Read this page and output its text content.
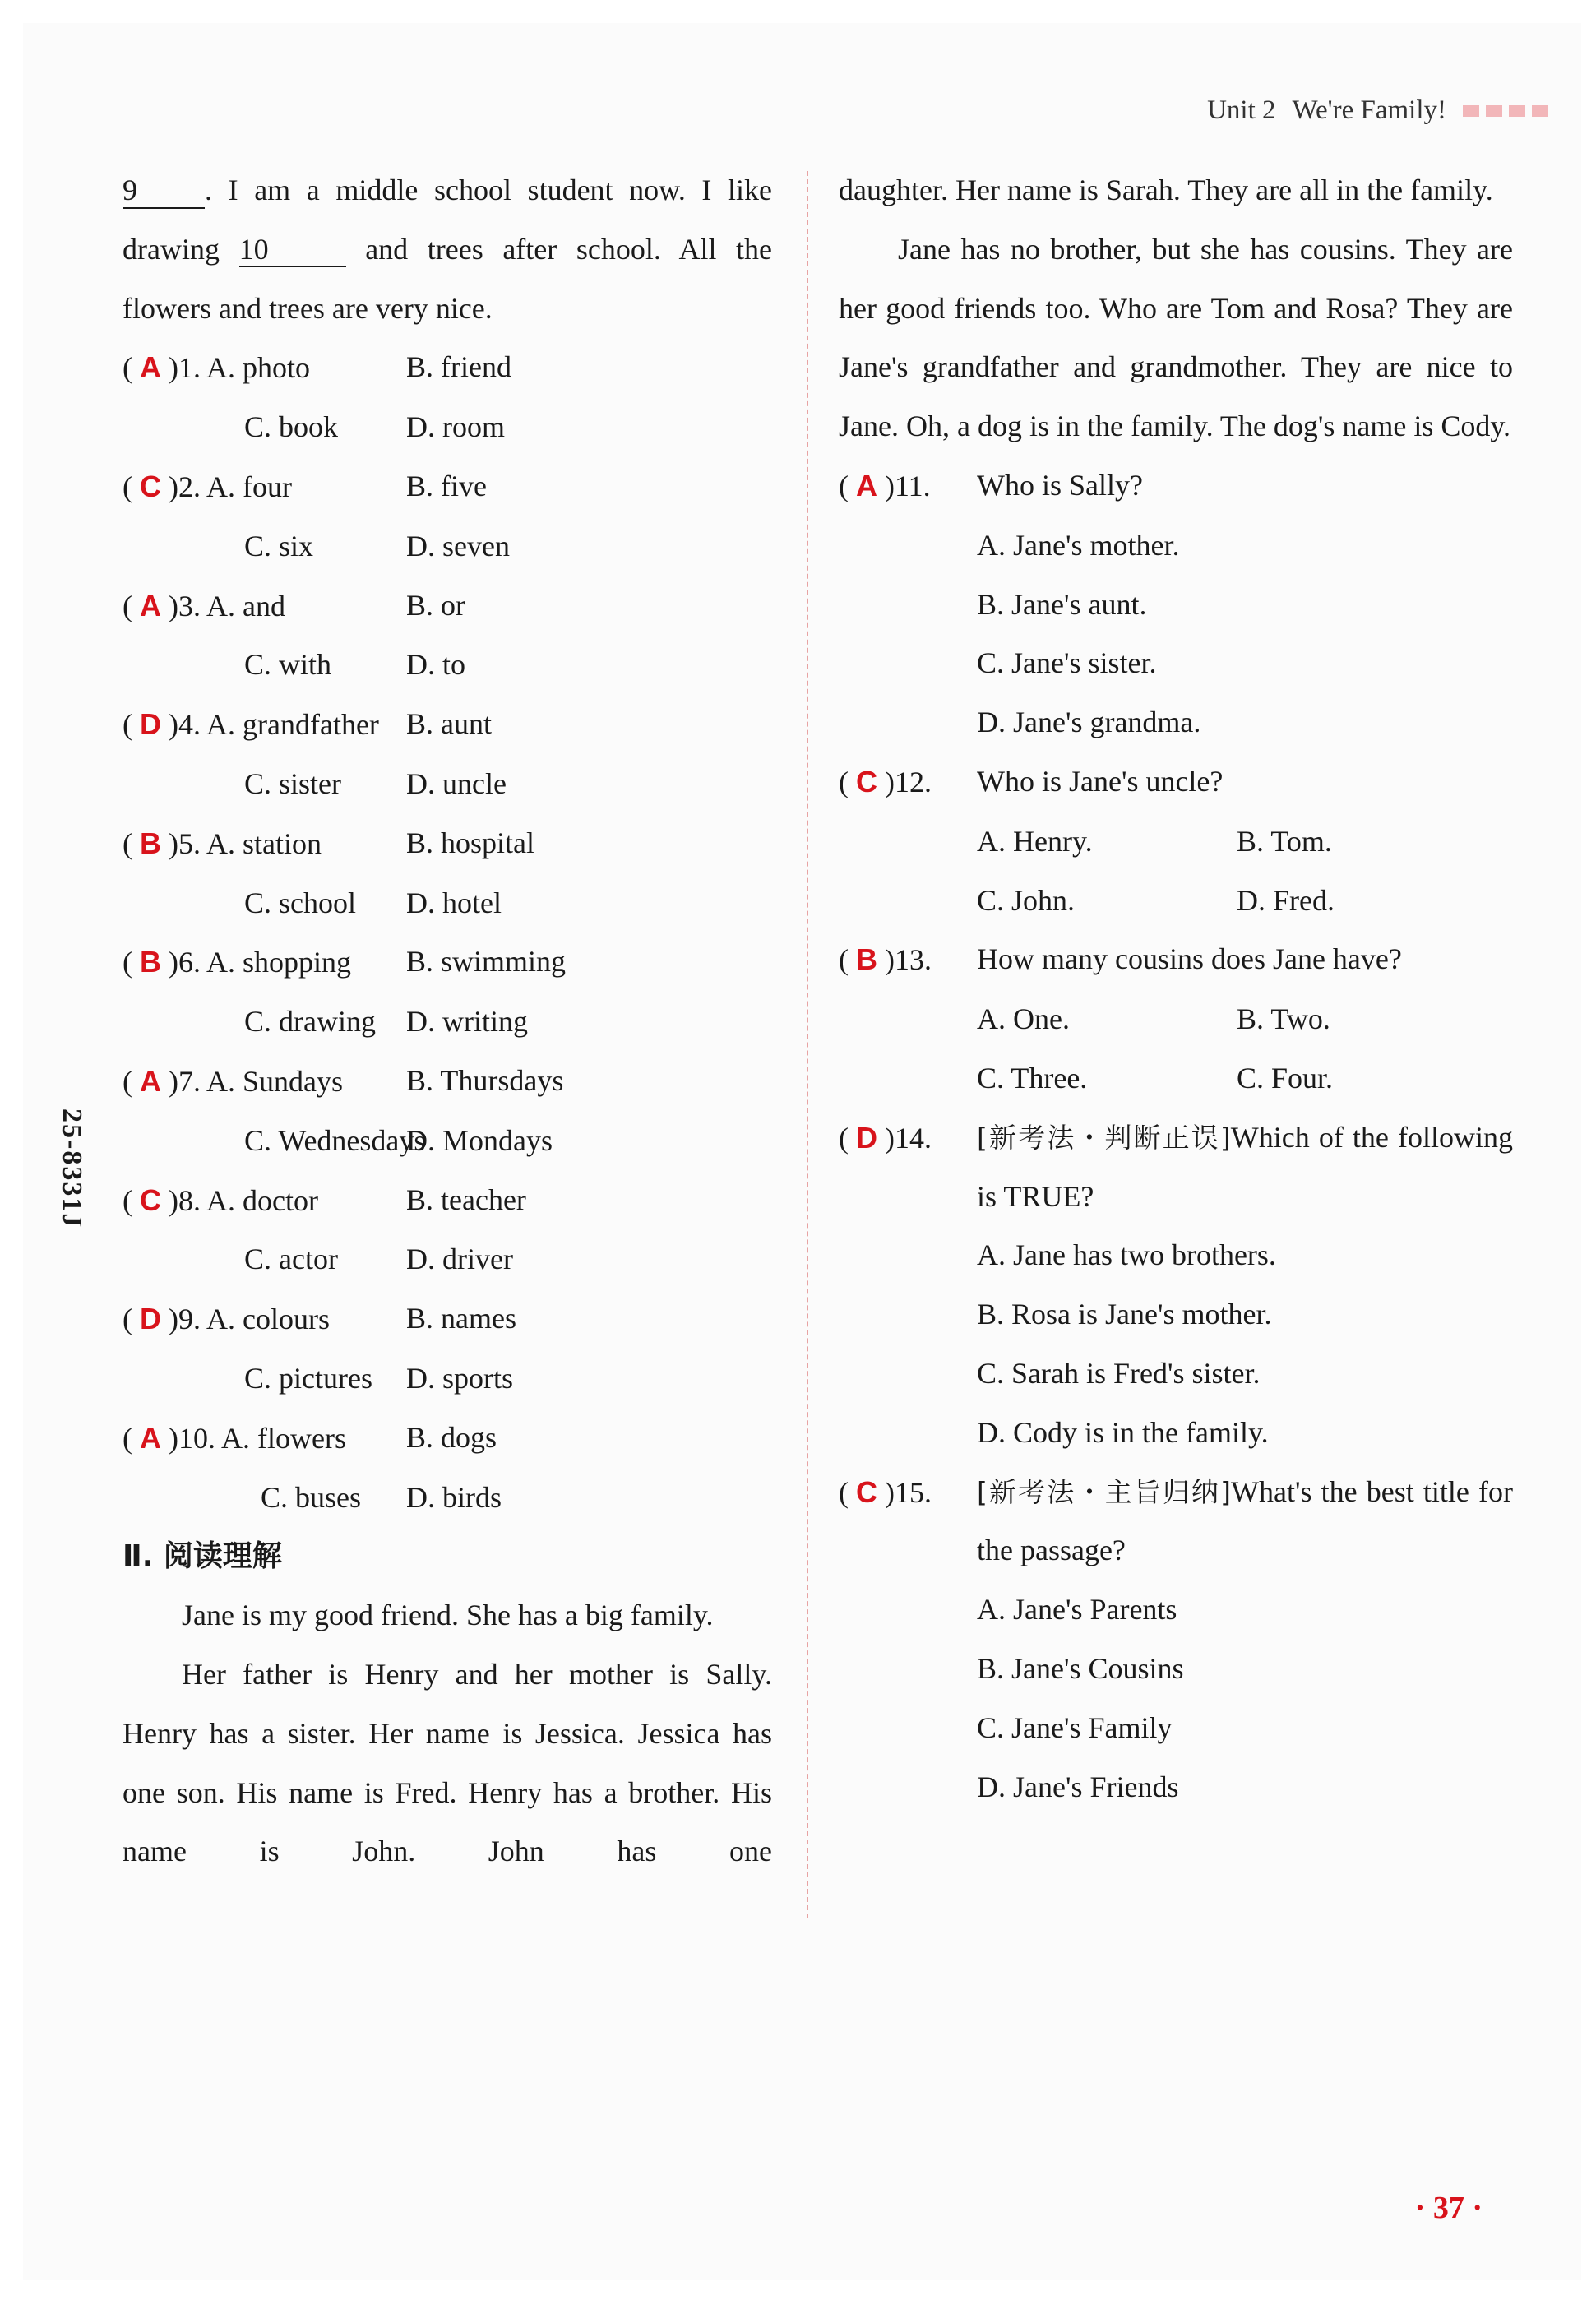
Unit 2 We're Family!
25-8331J
9 . I am a middle school student now. I like drawing 10	and trees after school. All the flowers and trees are very nice.
( A )1. A. photo	B. friend
C. book	D. room
( C )2. A. four	B. five
C. six	D. seven
( A )3. A. and	B. or
C. with	D. to
( D )4. A. grandfather B. aunt
C. sister	D. uncle
( B )5. A. station	B. hospital
C. school	D. hotel
( B )6. A. shopping	B. swimming
C. drawing	D. writing
( A )7. A. Sundays	B. Thursdays
C. Wednesdays
D. Mondays
( C )8. A. doctor	B. teacher
C. actor	D. driver
( D )9. A. colours	B. names
C. pictures	D. sports
( A )10. A. flowers	B. dogs
C. buses	D. birds
Ⅱ. 阅读理解
Jane is my good friend. She has a big family.
Her father is Henry and her mother is Sally. Henry has a sister. Her name is Jessica. Jessica has one son. His name is Fred. Henry has a brother. His name is John. John has one
daughter. Her name is Sarah. They are all in the family.
Jane has no brother, but she has cousins. They are her good friends too. Who are Tom and Rosa? They are Jane's grandfather and grandmother. They are nice to Jane. Oh, a dog is in the family. The dog's name is Cody.
( A )11.	Who is Sally?
A. Jane's mother.
B. Jane's aunt.
C. Jane's sister.
D. Jane's grandma.
( C )12.	Who is Jane's uncle?
A. Henry.	B. Tom.
C. John.	D. Fred.
( B )13.	How many cousins does Jane have?
A. One.	B. Two.
C. Three.	C. Four.
( D )14.	[新考法・判断正误]Which of the following is TRUE?
A. Jane has two brothers.
B. Rosa is Jane's mother.
C. Sarah is Fred's sister.
D. Cody is in the family.
( C )15.	[新考法・主旨归纳]What's the best title for the passage?
A. Jane's Parents
B. Jane's Cousins
C. Jane's Family
D. Jane's Friends
· 37 ·
